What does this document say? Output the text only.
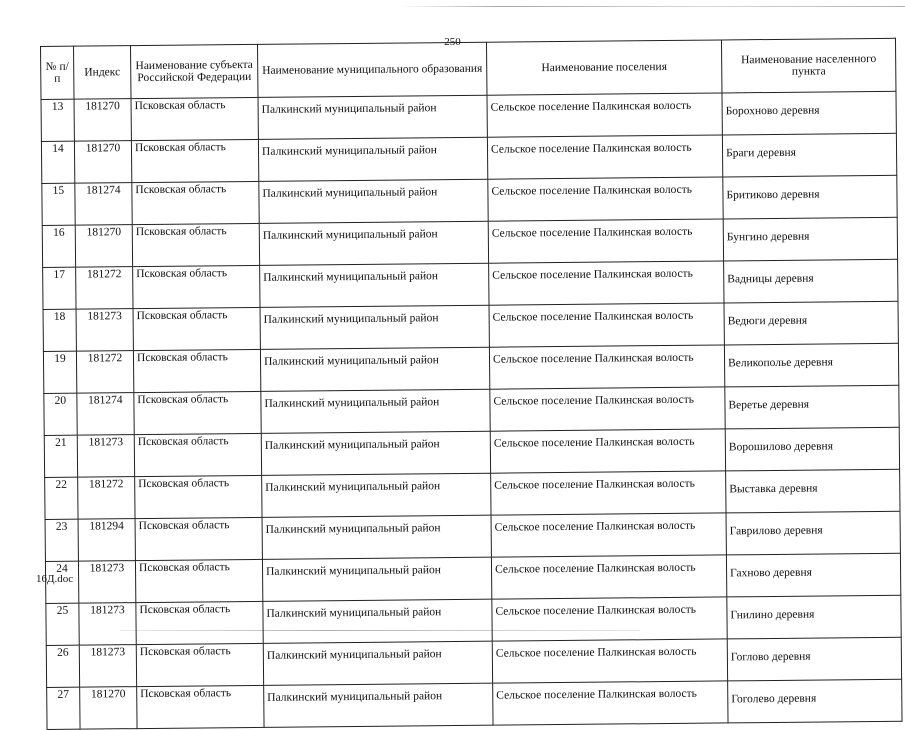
250
№ п/п	Индекс	Наименование субъекта Российской Федерации	Наименование муниципального образования	Наименование поселения	Наименование населенного пункта
13	181270	Псковская область	Палкинский муниципальный район	Сельское поселение Палкинская волость	Борохново деревня
14	181270	Псковская область	Палкинский муниципальный район	Сельское поселение Палкинская волость	Браги деревня
15	181274	Псковская область	Палкинский муниципальный район	Сельское поселение Палкинская волость	Бритиково деревня
16	181270	Псковская область	Палкинский муниципальный район	Сельское поселение Палкинская волость	Бунгино деревня
17	181272	Псковская область	Палкинский муниципальный район	Сельское поселение Палкинская волость	Вадницы деревня
18	181273	Псковская область	Палкинский муниципальный район	Сельское поселение Палкинская волость	Ведюги деревня
19	181272	Псковская область	Палкинский муниципальный район	Сельское поселение Палкинская волость	Великополье деревня
20	181274	Псковская область	Палкинский муниципальный район	Сельское поселение Палкинская волость	Веретье деревня
21	181273	Псковская область	Палкинский муниципальный район	Сельское поселение Палкинская волость	Ворошилово деревня
22	181272	Псковская область	Палкинский муниципальный район	Сельское поселение Палкинская волость	Выставка деревня
23	181294	Псковская область	Палкинский муниципальный район	Сельское поселение Палкинская волость	Гаврилово деревня
24	181273	Псковская область	Палкинский муниципальный район	Сельское поселение Палкинская волость	Гахново деревня
25	181273	Псковская область	Палкинский муниципальный район	Сельское поселение Палкинская волость	Гнилино деревня
26	181273	Псковская область	Палкинский муниципальный район	Сельское поселение Палкинская волость	Гоглово деревня
27	181270	Псковская область	Палкинский муниципальный район	Сельское поселение Палкинская волость	Гоголево деревня
16Д.doc
